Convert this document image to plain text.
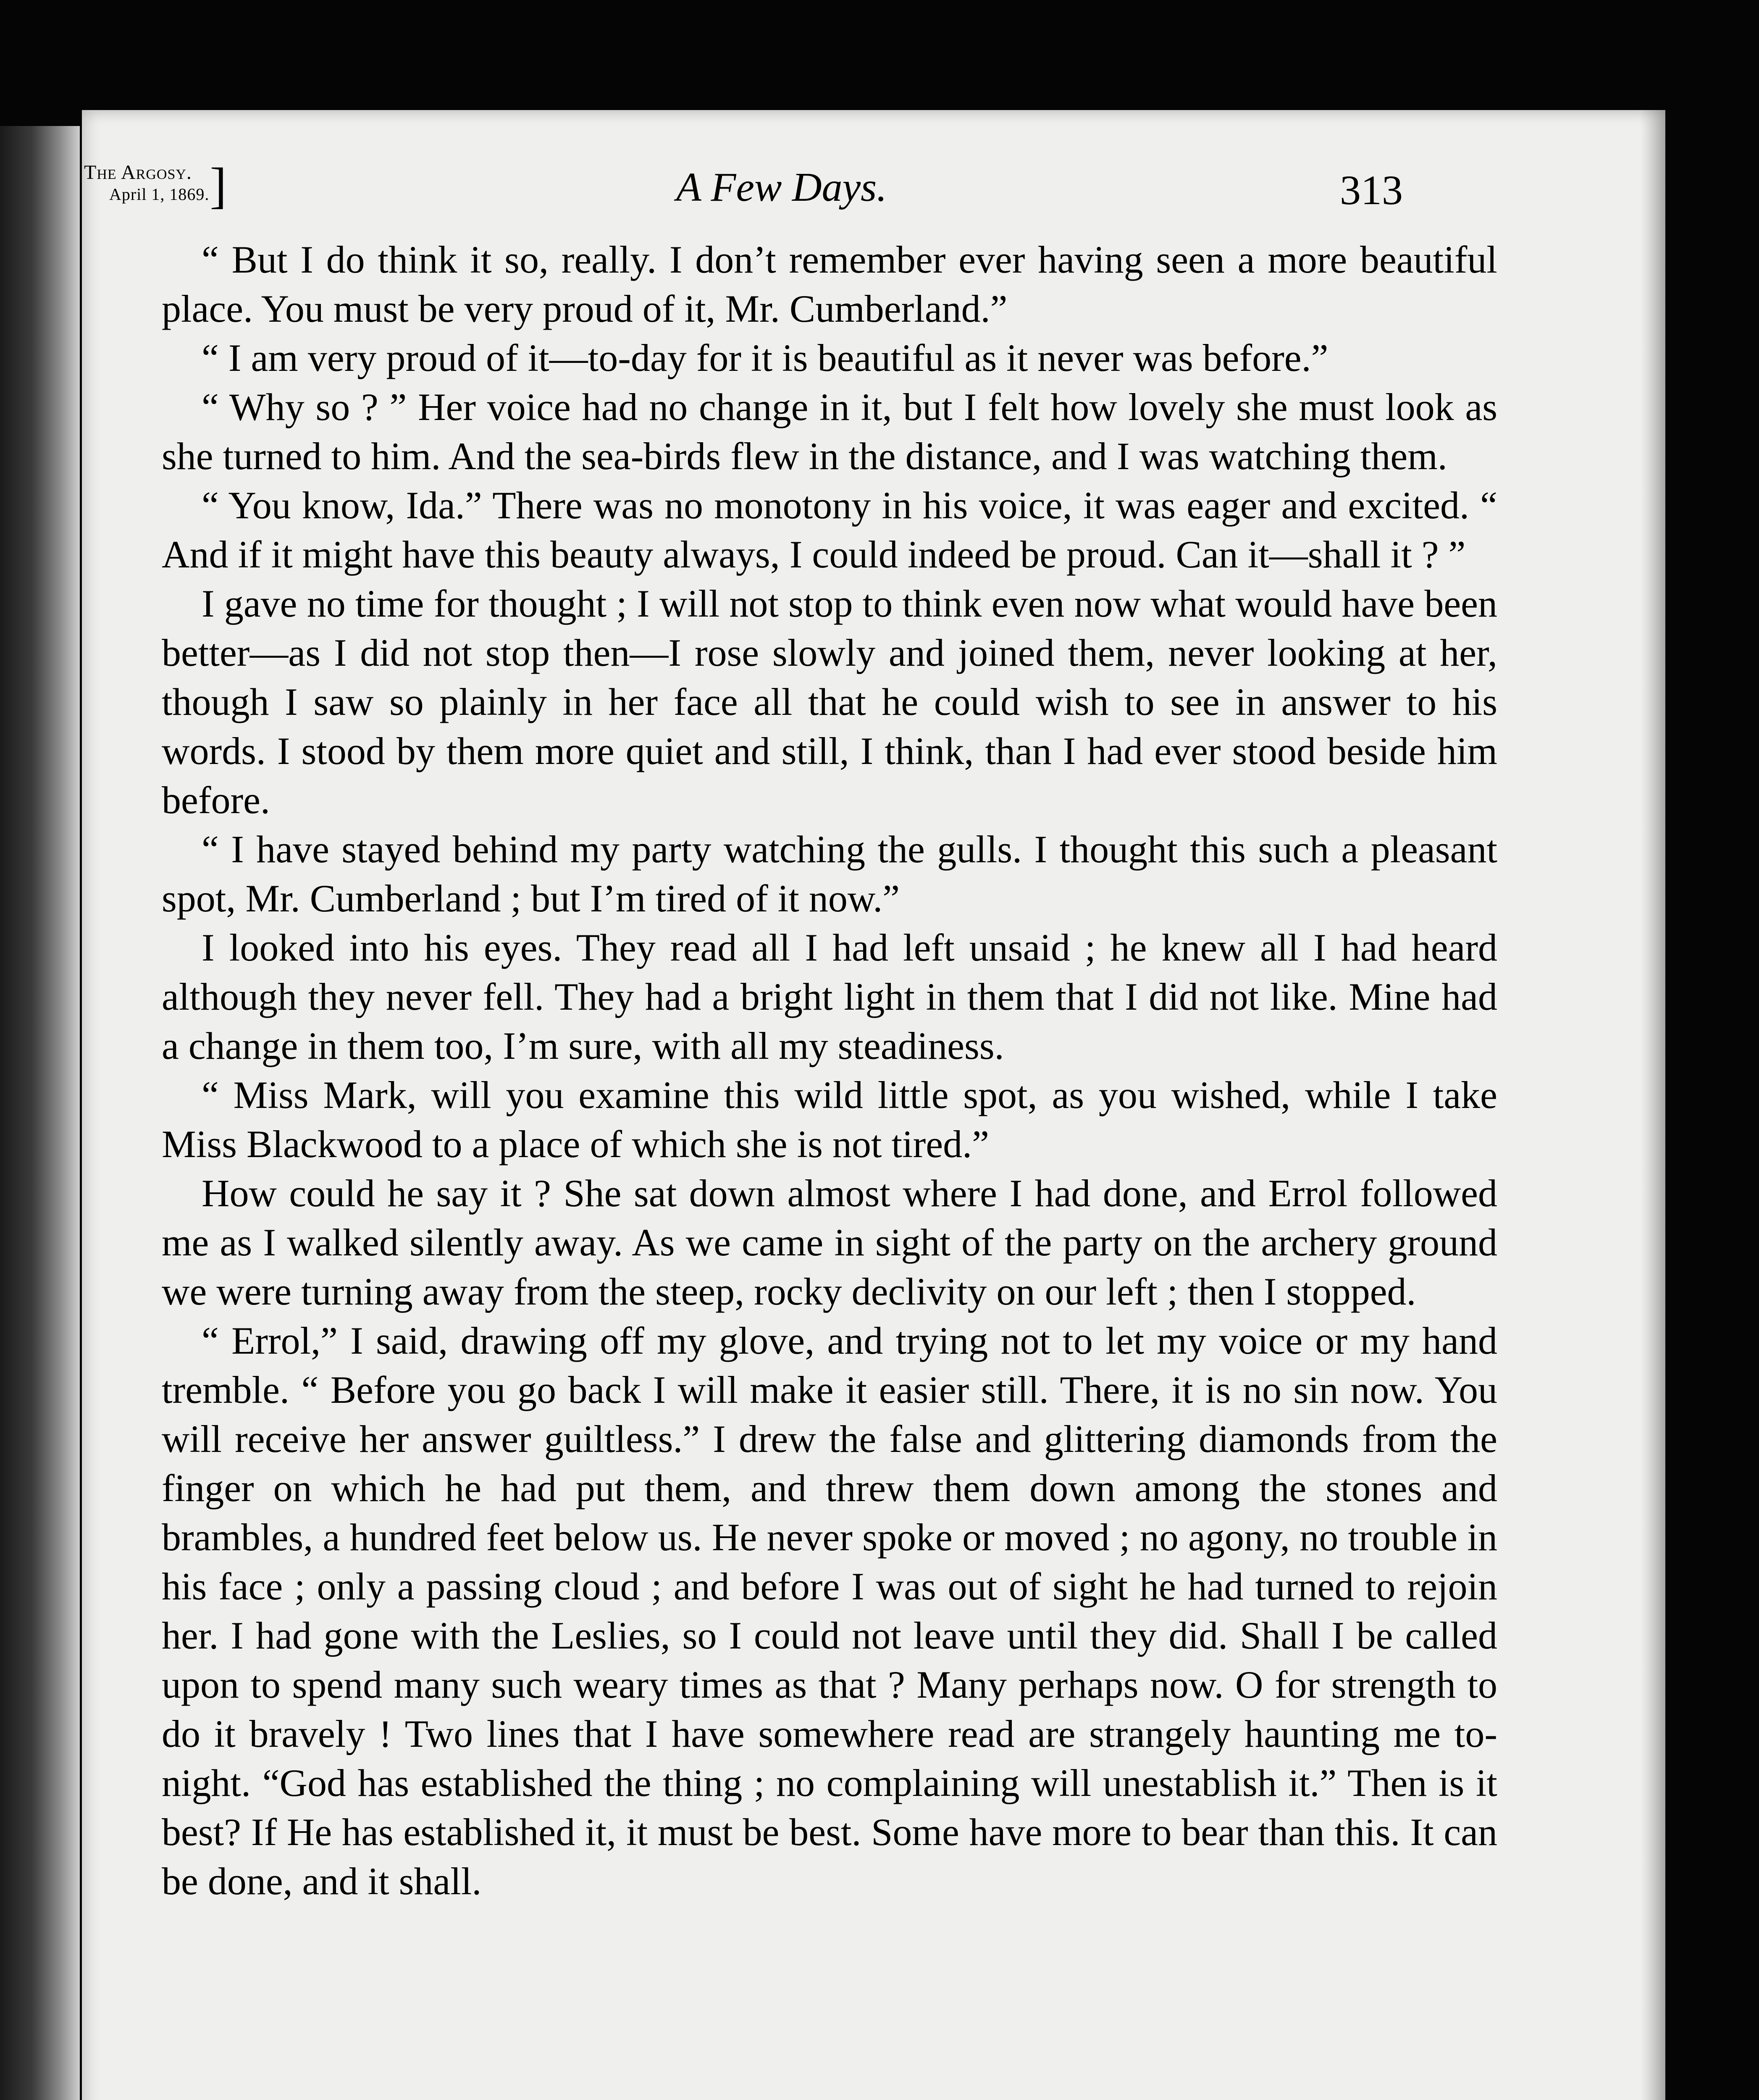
The Argosy.
April 1, 1869. ]	A Few Days.	313

“ But I do think it so, really. I don’t remember ever having seen a more beautiful place. You must be very proud of it, Mr. Cumberland.”

“ I am very proud of it—to-day for it is beautiful as it never was before.”

“ Why so ? ” Her voice had no change in it, but I felt how lovely she must look as she turned to him. And the sea-birds flew in the distance, and I was watching them.

“ You know, Ida.” There was no monotony in his voice, it was eager and excited. “ And if it might have this beauty always, I could indeed be proud. Can it—shall it ? ”

I gave no time for thought ; I will not stop to think even now what would have been better—as I did not stop then—I rose slowly and joined them, never looking at her, though I saw so plainly in her face all that he could wish to see in answer to his words. I stood by them more quiet and still, I think, than I had ever stood beside him before.

“ I have stayed behind my party watching the gulls. I thought this such a pleasant spot, Mr. Cumberland ; but I’m tired of it now.”

I looked into his eyes. They read all I had left unsaid ; he knew all I had heard although they never fell. They had a bright light in them that I did not like. Mine had a change in them too, I’m sure, with all my steadiness.

“ Miss Mark, will you examine this wild little spot, as you wished, while I take Miss Blackwood to a place of which she is not tired.”

How could he say it ? She sat down almost where I had done, and Errol followed me as I walked silently away. As we came in sight of the party on the archery ground we were turning away from the steep, rocky declivity on our left ; then I stopped.

“ Errol,” I said, drawing off my glove, and trying not to let my voice or my hand tremble. “ Before you go back I will make it easier still. There, it is no sin now. You will receive her answer guiltless.” I drew the false and glittering diamonds from the finger on which he had put them, and threw them down among the stones and brambles, a hundred feet below us. He never spoke or moved ; no agony, no trouble in his face ; only a passing cloud ; and before I was out of sight he had turned to rejoin her. I had gone with the Leslies, so I could not leave until they did. Shall I be called upon to spend many such weary times as that ? Many perhaps now. O for strength to do it bravely ! Two lines that I have somewhere read are strangely haunting me to-night. “God has established the thing ; no complaining will unestablish it.” Then is it best? If He has established it, it must be best. Some have more to bear than this. It can be done, and it shall.
